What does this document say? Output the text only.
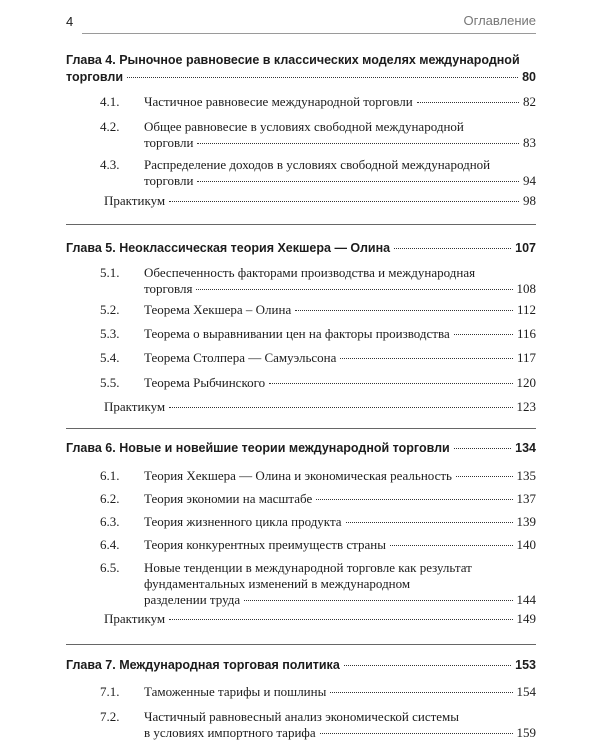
4	Оглавление
Глава 4. Рыночное равновесие в классических моделях международной
торговли	80
4.1. Частичное равновесие международной торговли	82
4.2. Общее равновесие в условиях свободной международной
торговли	83
4.3. Распределение доходов в условиях свободной международной
торговли	94
Практикум	98
Глава 5. Неоклассическая теория Хекшера — Олина	107
5.1. Обеспеченность факторами производства и международная
торговля	108
5.2. Теорема Хекшера – Олина	112
5.3. Теорема о выравнивании цен на факторы производства	116
5.4. Теорема Столпера — Самуэльсона	117
5.5. Теорема Рыбчинского	120
Практикум	123
Глава 6. Новые и новейшие теории международной торговли	134
6.1. Теория Хекшера — Олина и экономическая реальность	135
6.2. Теория экономии на масштабе	137
6.3. Теория жизненного цикла продукта	139
6.4. Теория конкурентных преимуществ страны	140
6.5. Новые тенденции в международной торговле как результат
фундаментальных изменений в международном
разделении труда	144
Практикум	149
Глава 7. Международная торговая политика	153
7.1. Таможенные тарифы и пошлины	154
7.2. Частичный равновесный анализ экономической системы
в условиях импортного тарифа	159
